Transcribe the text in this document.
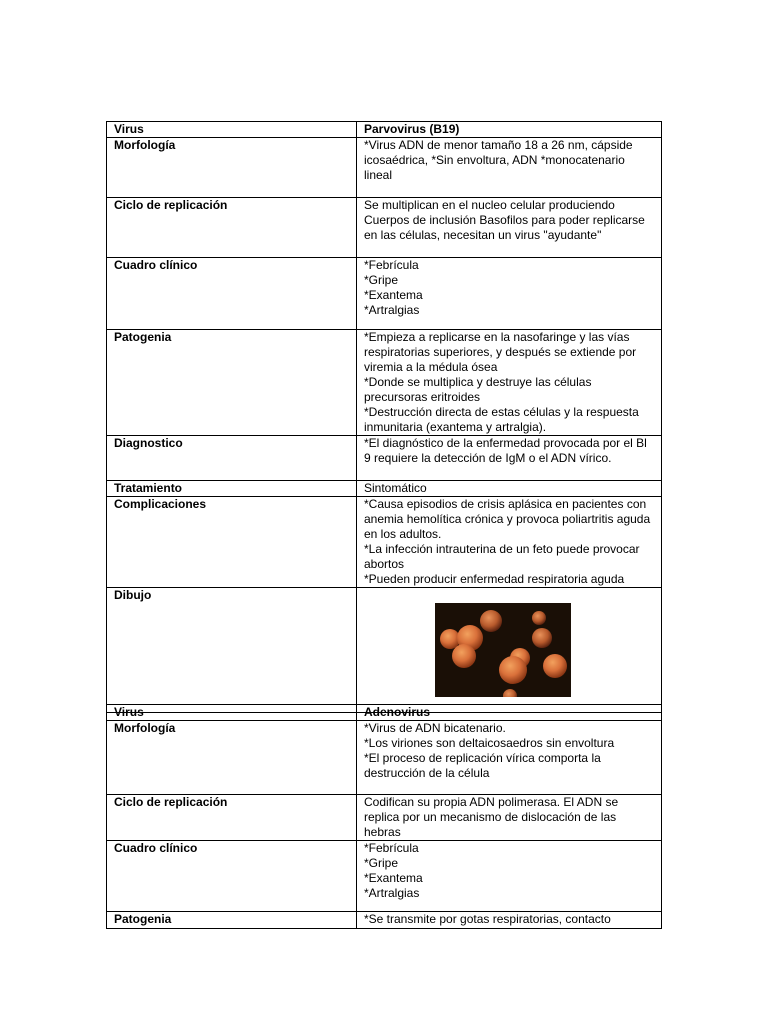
Virus	Parvovirus (B19)
Morfología	*Virus ADN de menor tamaño 18 a 26 nm, cápside icosaédrica, *Sin envoltura, ADN *monocatenario lineal
Ciclo de replicación	Se multiplican en el nucleo celular produciendo Cuerpos de inclusión Basofilos para poder replicarse en las células, necesitan un virus "ayudante"
Cuadro clínico	*Febrícula
*Gripe
*Exantema
*Artralgias
Patogenia	*Empieza a replicarse en la nasofaringe y las vías respiratorias superiores, y después se extiende por viremia a la médula ósea
*Donde se multiplica y destruye las células precursoras eritroides
*Destrucción directa de estas células y la respuesta inmunitaria (exantema y artralgia).
Diagnostico	*El diagnóstico de la enfermedad provocada por el Bl 9 requiere la detección de IgM o el ADN vírico.
Tratamiento	Sintomático
Complicaciones	*Causa episodios de crisis aplásica en pacientes con anemia hemolítica crónica y provoca poliartritis aguda en los adultos.
*La infección intrauterina de un feto puede provocar abortos
*Pueden producir enfermedad respiratoria aguda
Dibujo	

Virus	Adenovirus
Morfología	*Virus de ADN bicatenario.
*Los viriones son deltaicosaedros sin envoltura
*El proceso de replicación vírica comporta la destrucción de la célula
Ciclo de replicación	Codifican su propia ADN polimerasa. El ADN se replica por un mecanismo de dislocación de las hebras
Cuadro clínico	*Febrícula
*Gripe
*Exantema
*Artralgias
Patogenia	*Se transmite por gotas respiratorias, contacto
